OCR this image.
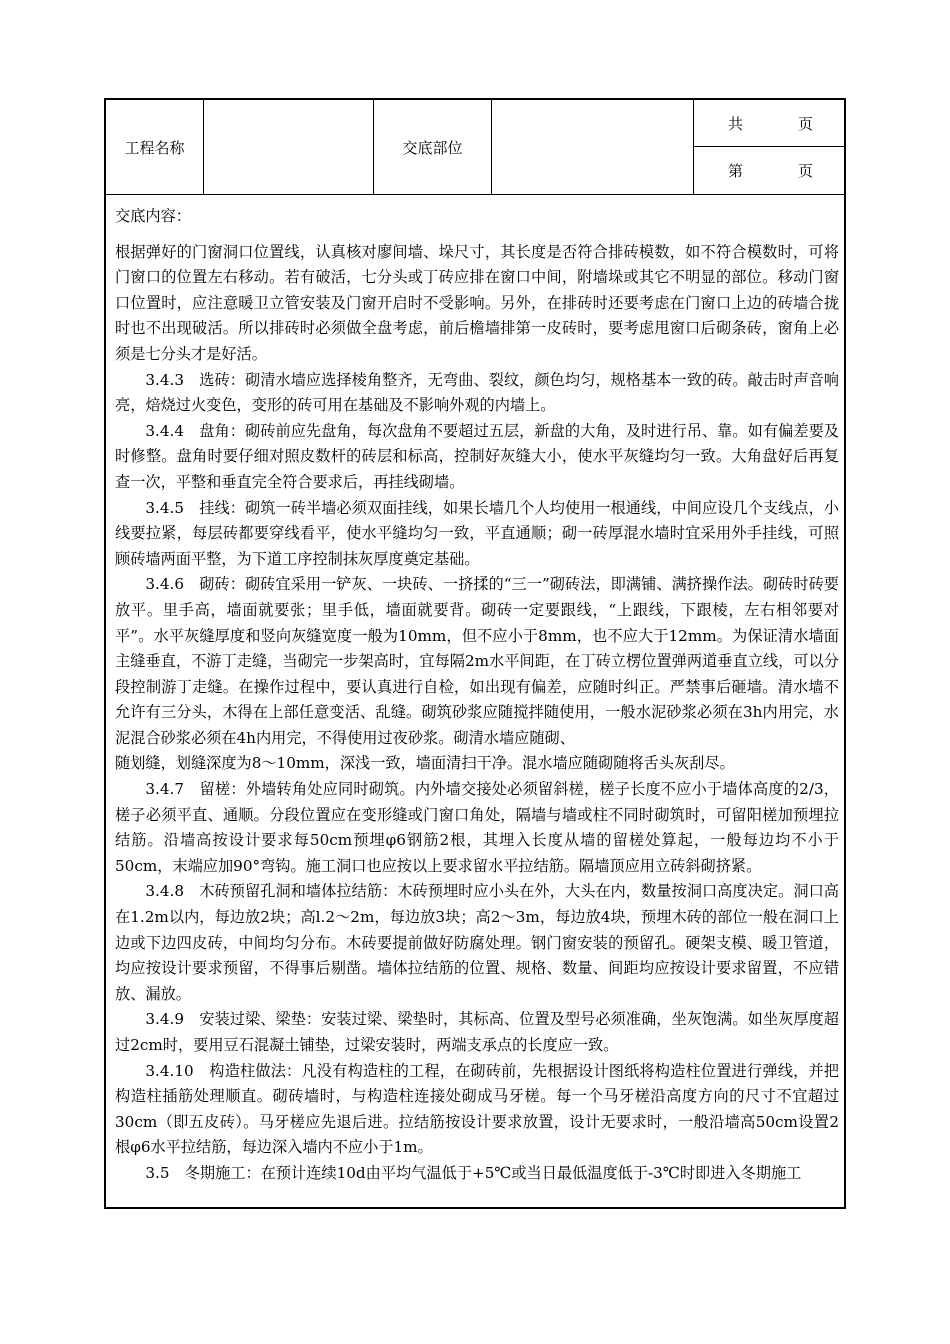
工程名称	交底部位
共	页
第	页

交底内容：

根据弹好的门窗洞口位置线，认真核对廖间墙、垛尺寸，其长度是否符合排砖模数，如不符合模数时，可将门窗口的位置左右移动。若有破活，七分头或丁砖应排在窗口中间，附墙垛或其它不明显的部位。移动门窗口位置时，应注意暖卫立管安装及门窗开启时不受影响。另外，在排砖时还要考虑在门窗口上边的砖墙合拢时也不出现破活。所以排砖时必须做全盘考虑，前后檐墙排第一皮砖时，要考虑甩窗口后砌条砖，窗角上必须是七分头才是好活。

3.4.3　选砖：砌清水墙应选择棱角整齐，无弯曲、裂纹，颜色均匀，规格基本一致的砖。敲击时声音响亮，焙烧过火变色，变形的砖可用在基础及不影响外观的内墙上。

3.4.4　盘角：砌砖前应先盘角，每次盘角不要超过五层，新盘的大角，及时进行吊、靠。如有偏差要及时修整。盘角时要仔细对照皮数杆的砖层和标高，控制好灰缝大小，使水平灰缝均匀一致。大角盘好后再复查一次，平整和垂直完全符合要求后，再挂线砌墙。

3.4.5　挂线：砌筑一砖半墙必须双面挂线，如果长墙几个人均使用一根通线，中间应设几个支线点，小线要拉紧，每层砖都要穿线看平，使水平缝均匀一致，平直通顺；砌一砖厚混水墙时宜采用外手挂线，可照顾砖墙两面平整，为下道工序控制抹灰厚度奠定基础。

3.4.6　砌砖：砌砖宜采用一铲灰、一块砖、一挤揉的“三一”砌砖法，即满铺、满挤操作法。砌砖时砖要放平。里手高，墙面就要张；里手低，墙面就要背。砌砖一定要跟线，“上跟线，下跟棱，左右相邻要对平”。水平灰缝厚度和竖向灰缝宽度一般为10mm，但不应小于8mm，也不应大于12mm。为保证清水墙面主缝垂直，不游丁走缝，当砌完一步架高时，宜每隔2m水平间距，在丁砖立楞位置弹两道垂直立线，可以分段控制游丁走缝。在操作过程中，要认真进行自检，如出现有偏差，应随时纠正。严禁事后砸墙。清水墙不允许有三分头，木得在上部任意变活、乱缝。砌筑砂浆应随搅拌随使用，一般水泥砂浆必须在3h内用完，水泥混合砂浆必须在4h内用完，不得使用过夜砂浆。砌清水墙应随砌、

随划缝，划缝深度为8～10mm，深浅一致，墙面清扫干净。混水墙应随砌随将舌头灰刮尽。

3.4.7　留槎：外墙转角处应同时砌筑。内外墙交接处必须留斜槎，槎子长度不应小于墙体高度的2/3，槎子必须平直、通顺。分段位置应在变形缝或门窗口角处，隔墙与墙或柱不同时砌筑时，可留阳槎加预埋拉结筋。沿墙高按设计要求每50cm预埋φ6钢筋2根，其埋入长度从墙的留槎处算起，一般每边均不小于50cm，末端应加90°弯钩。施工洞口也应按以上要求留水平拉结筋。隔墙顶应用立砖斜砌挤紧。

3.4.8　木砖预留孔洞和墙体拉结筋：木砖预埋时应小头在外，大头在内，数量按洞口高度决定。洞口高在1.2m以内，每边放2块；高l.2～2m，每边放3块；高2～3m，每边放4块，预埋木砖的部位一般在洞口上边或下边四皮砖，中间均匀分布。木砖要提前做好防腐处理。钢门窗安装的预留孔。硬架支模、暖卫管道，均应按设计要求预留，不得事后剔凿。墙体拉结筋的位置、规格、数量、间距均应按设计要求留置，不应错放、漏放。

3.4.9　安装过梁、梁垫：安装过梁、梁垫时，其标高、位置及型号必须准确，坐灰饱满。如坐灰厚度超过2cm时，要用豆石混凝土铺垫，过梁安装时，两端支承点的长度应一致。

3.4.10　构造柱做法：凡没有构造柱的工程，在砌砖前，先根据设计图纸将构造柱位置进行弹线，并把构造柱插筋处理顺直。砌砖墙时，与构造柱连接处砌成马牙槎。每一个马牙槎沿高度方向的尺寸不宜超过30cm（即五皮砖）。马牙槎应先退后进。拉结筋按设计要求放置，设计无要求时，一般沿墙高50cm设置2根φ6水平拉结筋，每边深入墙内不应小于1m。

3.5　冬期施工：在预计连续10d由平均气温低于+5℃或当日最低温度低于-3℃时即进入冬期施工
